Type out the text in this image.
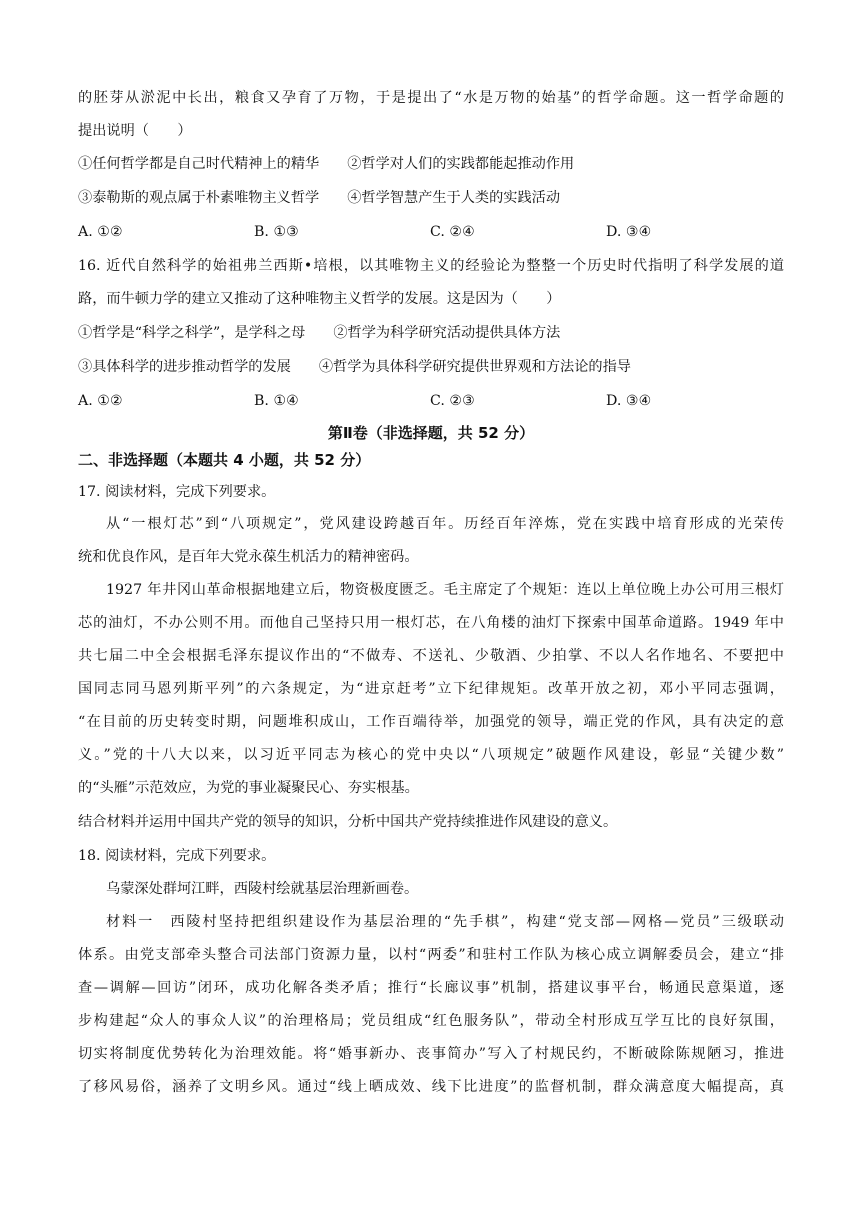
的胚芽从淤泥中长出，粮食又孕育了万物，于是提出了“水是万物的始基”的哲学命题。这一哲学命题的
提出说明（　　）
①任何哲学都是自己时代精神上的精华 ②哲学对人们的实践都能起推动作用
③泰勒斯的观点属于朴素唯物主义哲学 ④哲学智慧产生于人类的实践活动
A. ①②	B. ①③	C. ②④	D. ③④
16. 近代自然科学的始祖弗兰西斯•培根，以其唯物主义的经验论为整整一个历史时代指明了科学发展的道
路，而牛顿力学的建立又推动了这种唯物主义哲学的发展。这是因为（　　）
①哲学是“科学之科学”，是学科之母 ②哲学为科学研究活动提供具体方法
③具体科学的进步推动哲学的发展 ④哲学为具体科学研究提供世界观和方法论的指导
A. ①②	B. ①④	C. ②③	D. ③④
第Ⅱ卷（非选择题，共 52 分）
二、非选择题（本题共 4 小题，共 52 分）
17. 阅读材料，完成下列要求。
从“一根灯芯”到“八项规定”，党风建设跨越百年。历经百年淬炼，党在实践中培育形成的光荣传
统和优良作风，是百年大党永葆生机活力的精神密码。
1927 年井冈山革命根据地建立后，物资极度匮乏。毛主席定了个规矩：连以上单位晚上办公可用三根灯
芯的油灯，不办公则不用。而他自己坚持只用一根灯芯，在八角楼的油灯下探索中国革命道路。1949 年中
共七届二中全会根据毛泽东提议作出的“不做寿、不送礼、少敬酒、少拍掌、不以人名作地名、不要把中
国同志同马恩列斯平列”的六条规定，为“进京赶考”立下纪律规矩。改革开放之初，邓小平同志强调，
“在目前的历史转变时期，问题堆积成山，工作百端待举，加强党的领导，端正党的作风，具有决定的意
义。”党的十八大以来，以习近平同志为核心的党中央以“八项规定”破题作风建设，彰显“关键少数”
的“头雁”示范效应，为党的事业凝聚民心、夯实根基。
结合材料并运用中国共产党的领导的知识，分析中国共产党持续推进作风建设的意义。
18. 阅读材料，完成下列要求。
乌蒙深处群坷江畔，西陵村绘就基层治理新画卷。
材料一　西陵村坚持把组织建设作为基层治理的“先手棋”，构建“党支部—网格—党员”三级联动
体系。由党支部牵头整合司法部门资源力量，以村“两委”和驻村工作队为核心成立调解委员会，建立“排
查—调解—回访”闭环，成功化解各类矛盾；推行“长廊议事”机制，搭建议事平台，畅通民意渠道，逐
步构建起“众人的事众人议”的治理格局；党员组成“红色服务队”，带动全村形成互学互比的良好氛围，
切实将制度优势转化为治理效能。将“婚事新办、丧事简办”写入了村规民约，不断破除陈规陋习，推进
了移风易俗，涵养了文明乡风。通过“线上晒成效、线下比进度”的监督机制，群众满意度大幅提高，真
